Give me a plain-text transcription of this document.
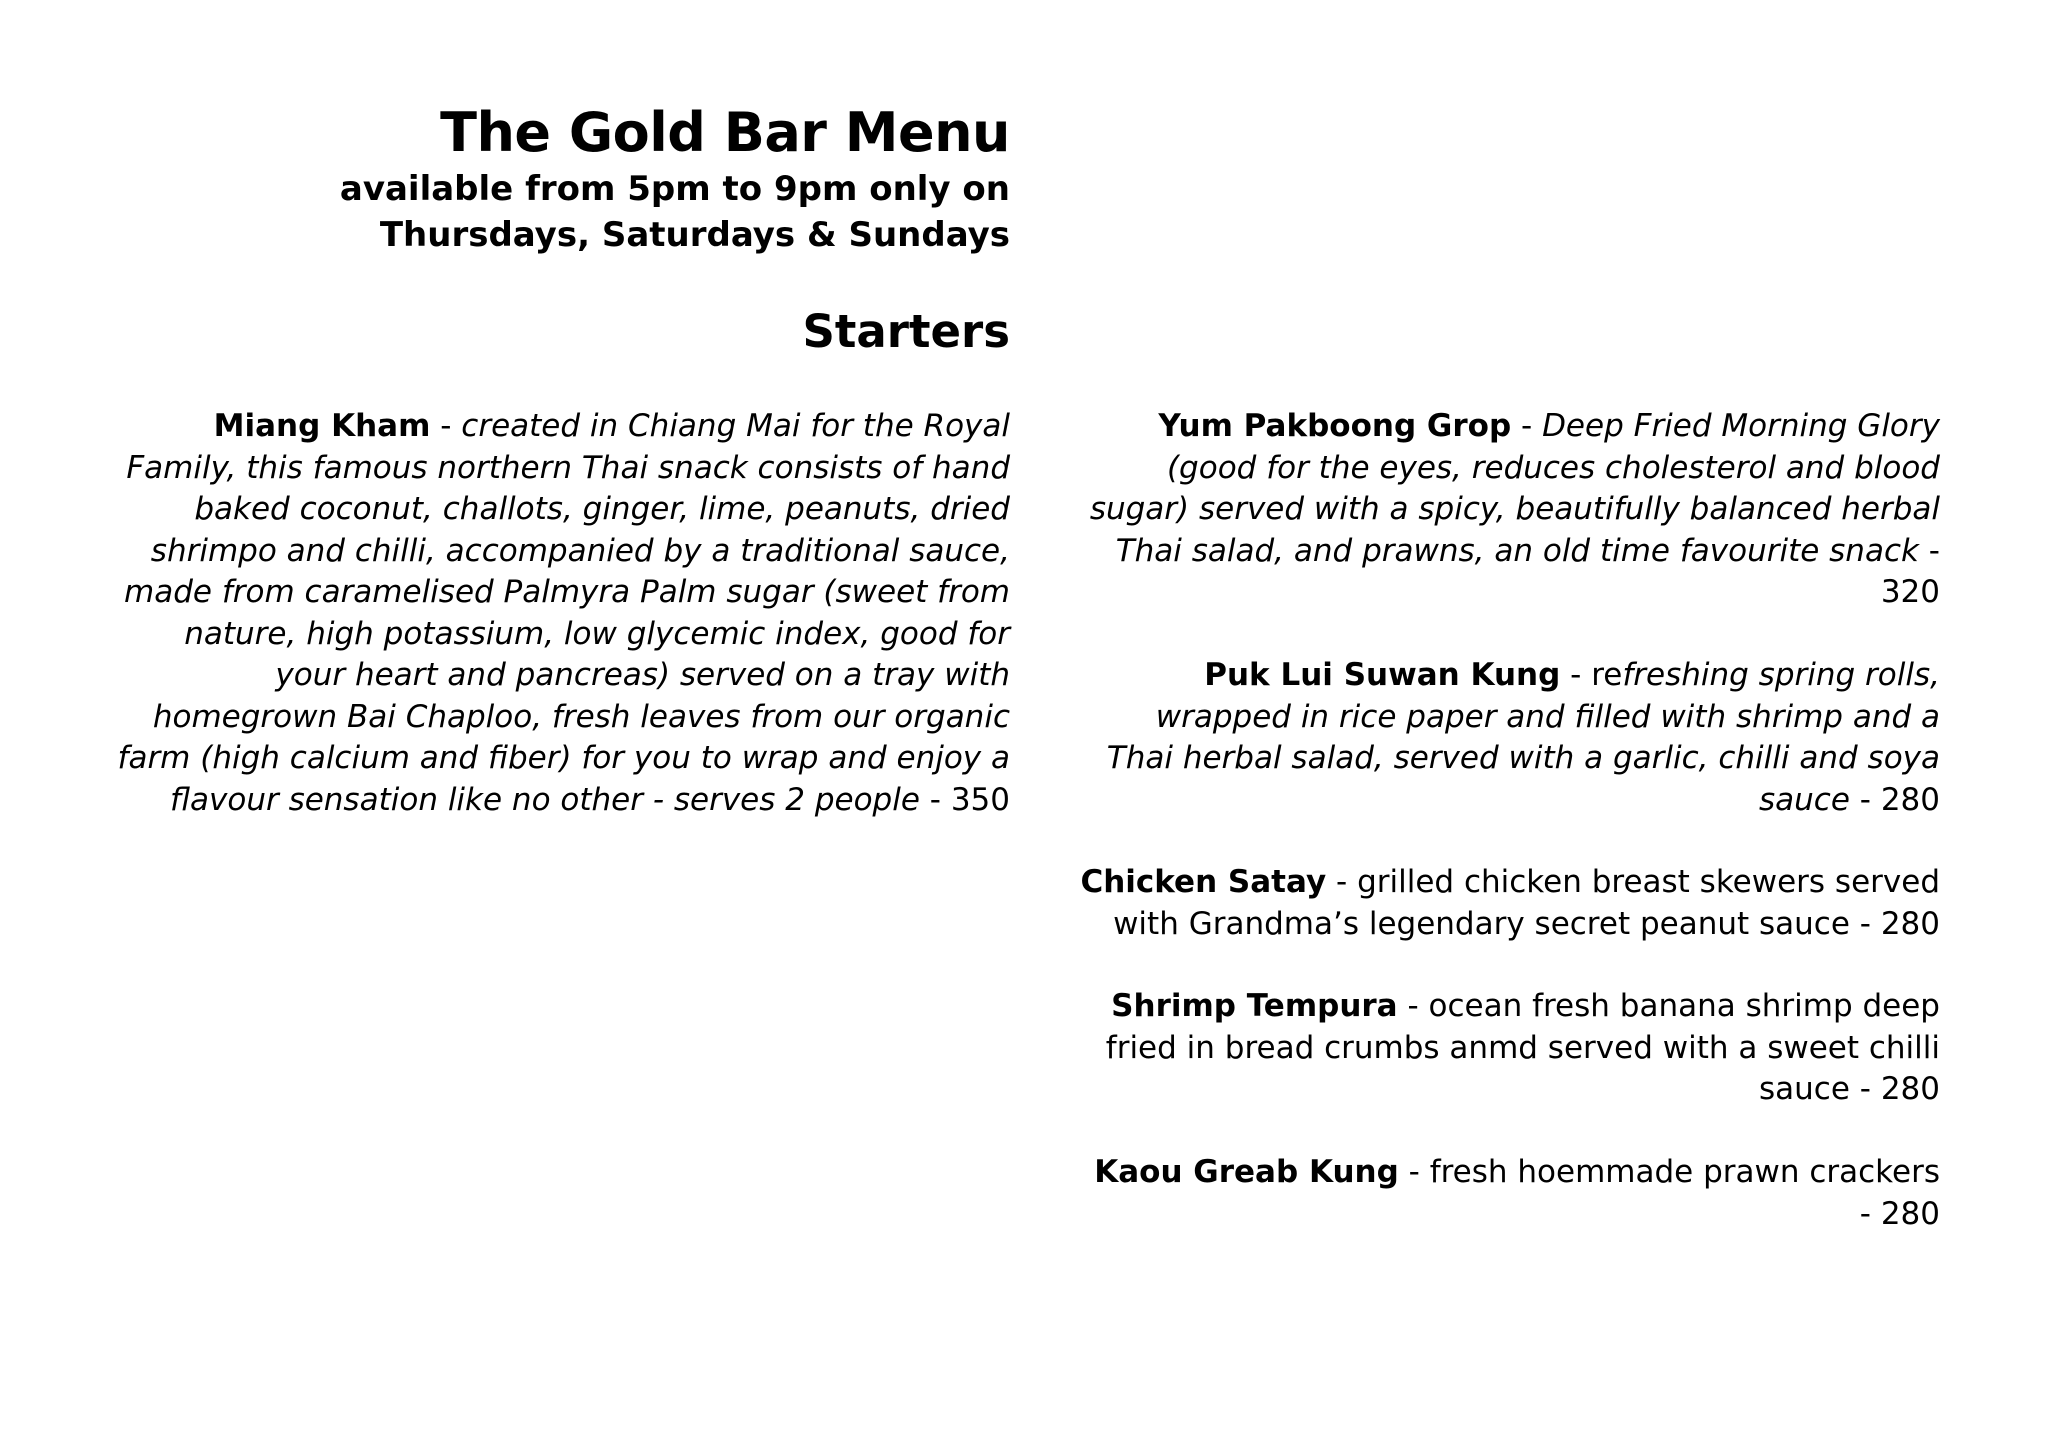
The Gold Bar Menu
available from 5pm to 9pm only on
Thursdays, Saturdays & Sundays
Starters

Miang Kham - created in Chiang Mai for the Royal Family, this famous northern Thai snack consists of hand baked coconut, challots, ginger, lime, peanuts, dried shrimpo and chilli, accompanied by a traditional sauce, made from caramelised Palmyra Palm sugar (sweet from nature, high potassium, low glycemic index, good for your heart and pancreas) served on a tray with homegrown Bai Chaploo, fresh leaves from our organic farm (high calcium and fiber) for you to wrap and enjoy a flavour sensation like no other - serves 2 people - 350

Yum Pakboong Grop - Deep Fried Morning Glory (good for the eyes, reduces cholesterol and blood sugar) served with a spicy, beautifully balanced herbal Thai salad, and prawns, an old time favourite snack - 320

Puk Lui Suwan Kung - refreshing spring rolls, wrapped in rice paper and filled with shrimp and a Thai herbal salad, served with a garlic, chilli and soya sauce - 280

Chicken Satay - grilled chicken breast skewers served with Grandma’s legendary secret peanut sauce - 280

Shrimp Tempura - ocean fresh banana shrimp deep fried in bread crumbs anmd served with a sweet chilli sauce - 280

Kaou Greab Kung - fresh hoemmade prawn crackers - 280
